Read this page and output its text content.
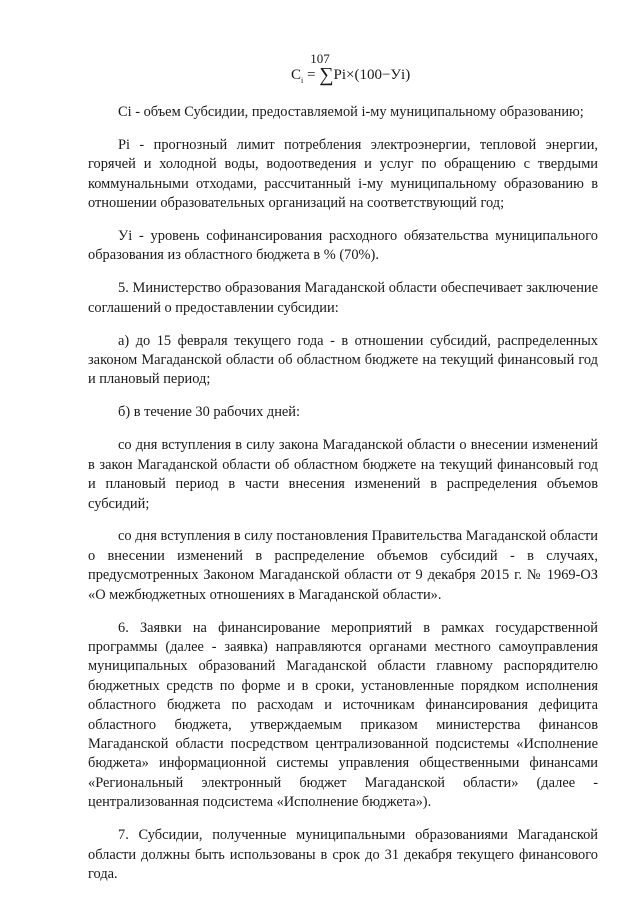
107
$C_i = \sum Pi\times(100-Уi)$

Сi - объем Субсидии, предоставляемой i-му муниципальному образованию;

Pi - прогнозный лимит потребления электроэнергии, тепловой энергии, горячей и холодной воды, водоотведения и услуг по обращению с твердыми коммунальными отходами, рассчитанный i-му муниципальному образованию в отношении образовательных организаций на соответствующий год;

Уi - уровень софинансирования расходного обязательства муниципального образования из областного бюджета в % (70%).

5. Министерство образования Магаданской области обеспечивает заключение соглашений о предоставлении субсидии:

а) до 15 февраля текущего года - в отношении субсидий, распределенных законом Магаданской области об областном бюджете на текущий финансовый год и плановый период;

б) в течение 30 рабочих дней:

со дня вступления в силу закона Магаданской области о внесении изменений в закон Магаданской области об областном бюджете на текущий финансовый год и плановый период в части внесения изменений в распределения объемов субсидий;

со дня вступления в силу постановления Правительства Магаданской области о внесении изменений в распределение объемов субсидий - в случаях, предусмотренных Законом Магаданской области от 9 декабря 2015 г. № 1969-ОЗ «О межбюджетных отношениях в Магаданской области».

6. Заявки на финансирование мероприятий в рамках государственной программы (далее - заявка) направляются органами местного самоуправления муниципальных образований Магаданской области главному распорядителю бюджетных средств по форме и в сроки, установленные порядком исполнения областного бюджета по расходам и источникам финансирования дефицита областного бюджета, утверждаемым приказом министерства финансов Магаданской области посредством централизованной подсистемы «Исполнение бюджета» информационной системы управления общественными финансами «Региональный электронный бюджет Магаданской области» (далее - централизованная подсистема «Исполнение бюджета»).

7. Субсидии, полученные муниципальными образованиями Магаданской области должны быть использованы в срок до 31 декабря текущего финансового года.
